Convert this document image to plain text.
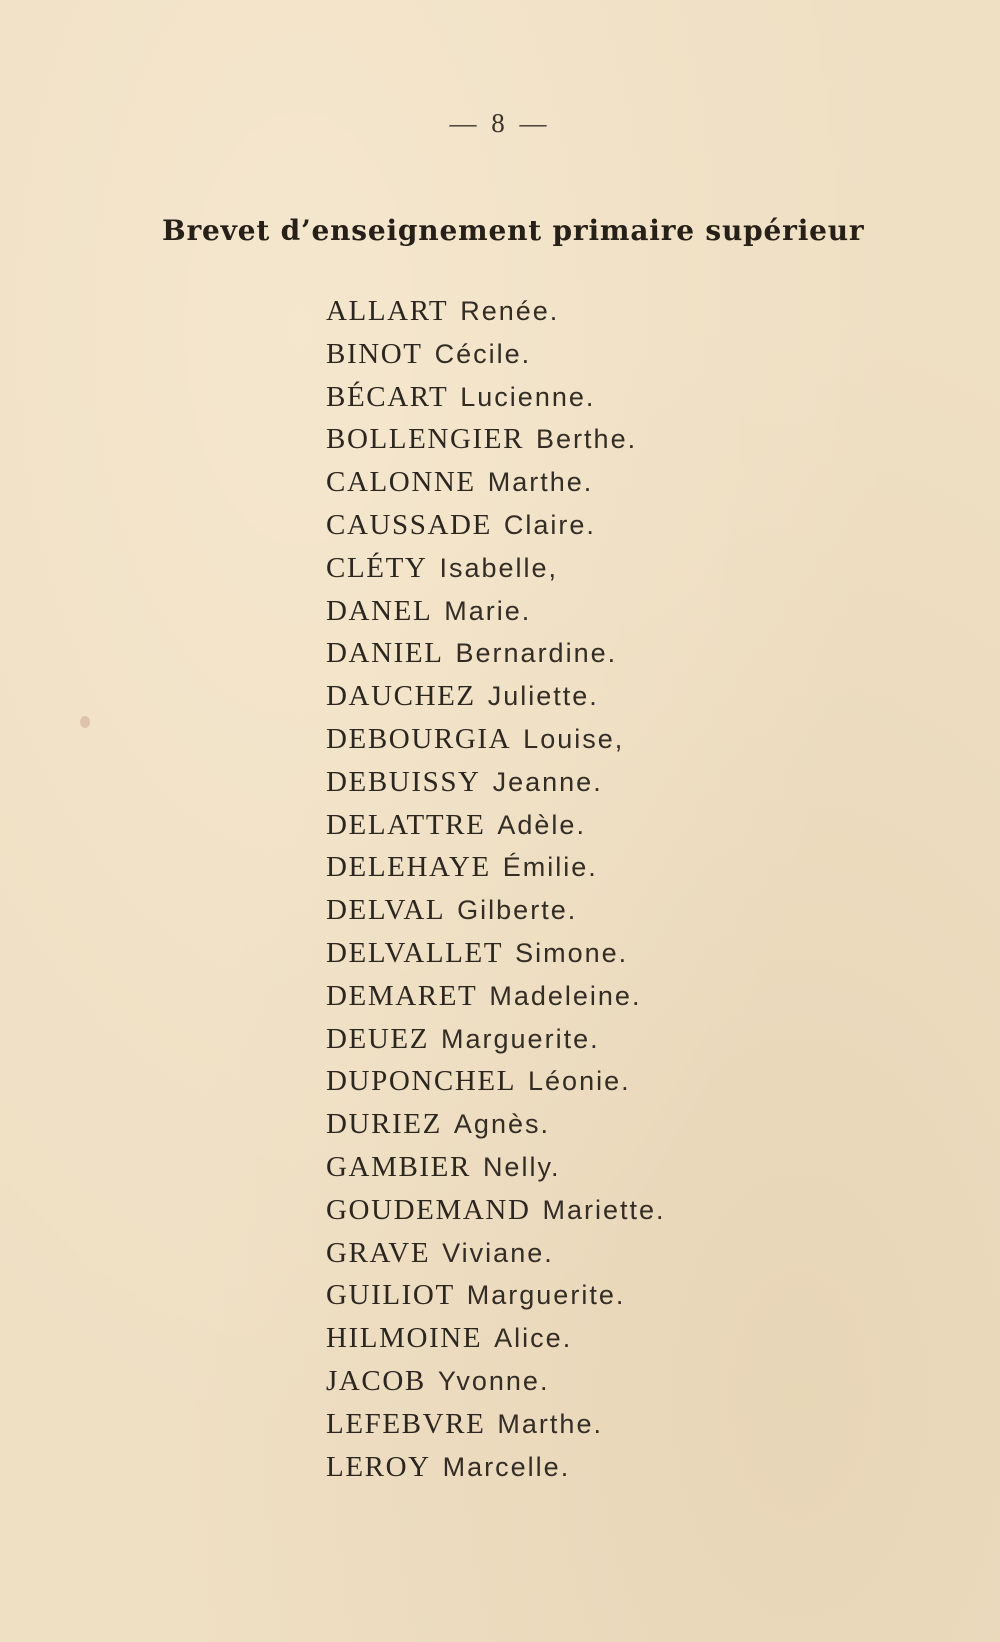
— 8 —
Brevet d’enseignement primaire supérieur
ALLART Renée.
BINOT Cécile.
BÉCART Lucienne.
BOLLENGIER Berthe.
CALONNE Marthe.
CAUSSADE Claire.
CLÉTY Isabelle,
DANEL Marie.
DANIEL Bernardine.
DAUCHEZ Juliette.
DEBOURGIA Louise,
DEBUISSY Jeanne.
DELATTRE Adèle.
DELEHAYE Émilie.
DELVAL Gilberte.
DELVALLET Simone.
DEMARET Madeleine.
DEUEZ Marguerite.
DUPONCHEL Léonie.
DURIEZ Agnès.
GAMBIER Nelly.
GOUDEMAND Mariette.
GRAVE Viviane.
GUILIOT Marguerite.
HILMOINE Alice.
JACOB Yvonne.
LEFEBVRE Marthe.
LEROY Marcelle.
